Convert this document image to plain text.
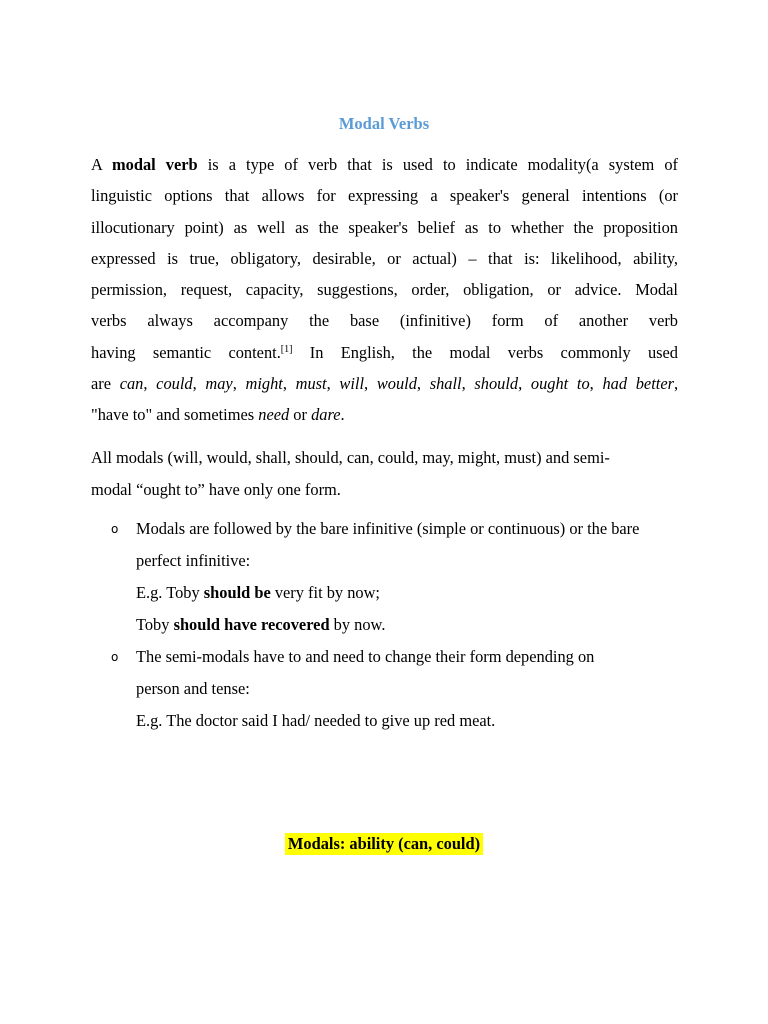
Modal Verbs
A modal verb is a type of verb that is used to indicate modality(a system of
linguistic options that allows for expressing a speaker's general intentions (or
illocutionary point) as well as the speaker's belief as to whether the proposition
expressed is true, obligatory, desirable, or actual) – that is: likelihood, ability,
permission, request, capacity, suggestions, order, obligation, or advice. Modal
verbs always accompany the base (infinitive) form of another verb
having semantic content.[1] In English, the modal verbs commonly used
are can, could, may, might, must, will, would, shall, should, ought to, had better,
"have to" and sometimes need or dare.
All modals (will, would, shall, should, can, could, may, might, must) and semi-
modal “ought to” have only one form.
o Modals are followed by the bare infinitive (simple or continuous) or the bare
perfect infinitive:
E.g. Toby should be very fit by now;
Toby should have recovered by now.
o The semi-modals have to and need to change their form depending on
person and tense:
E.g. The doctor said I had/ needed to give up red meat.
Modals: ability (can, could)
